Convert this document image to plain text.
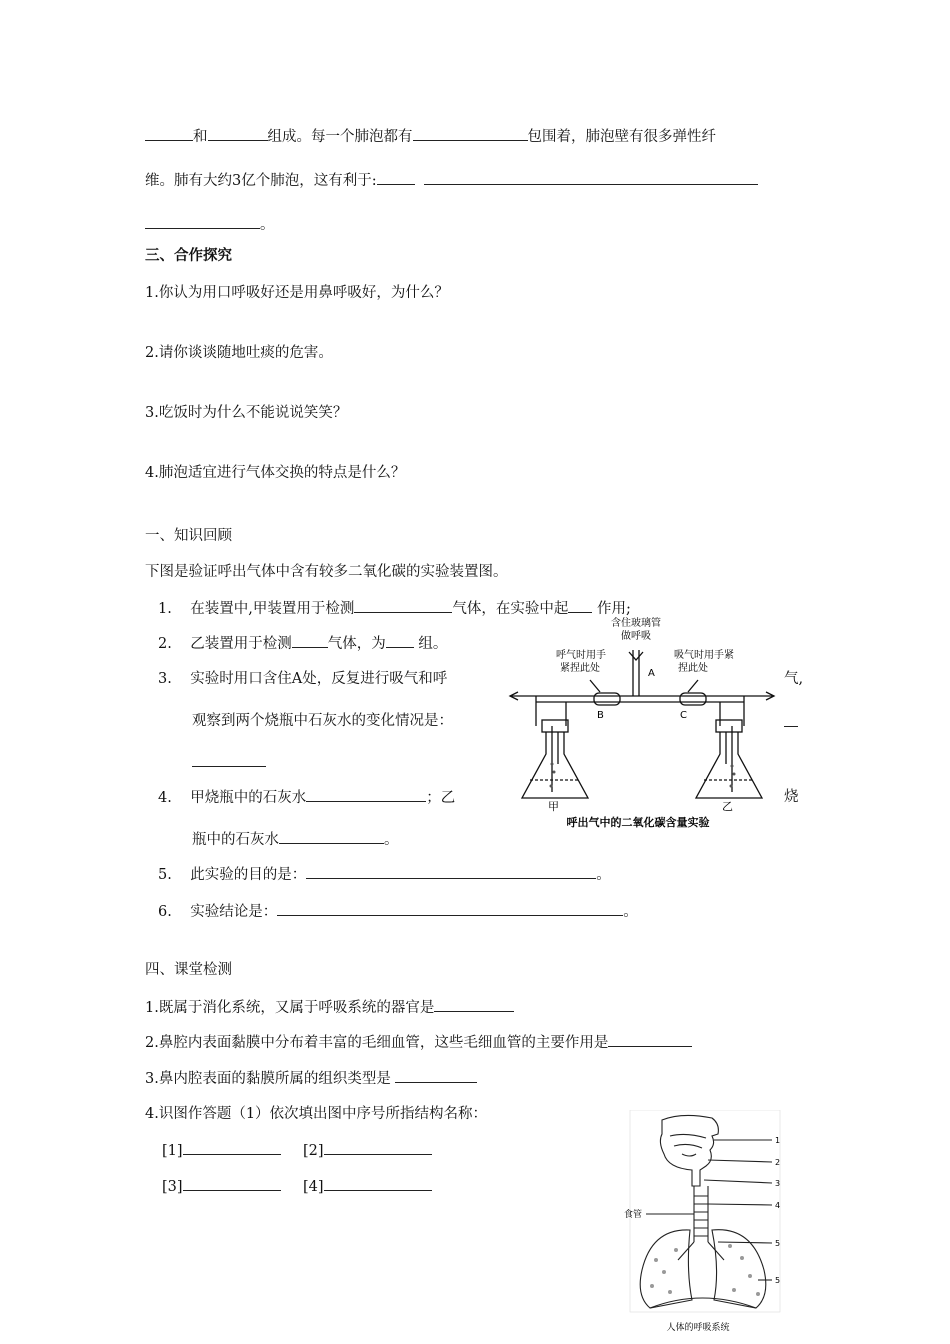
和	组成。每一个肺泡都有	包围着，肺泡壁有很多弹性纤
维。肺有大约3亿个肺泡，这有利于:
。
三、合作探究
1.你认为用口呼吸好还是用鼻呼吸好，为什么？
2.请你谈谈随地吐痰的危害。
3.吃饭时为什么不能说说笑笑？
4.肺泡适宜进行气体交换的特点是什么？
一、知识回顾
下图是验证呼出气体中含有较多二氧化碳的实验装置图。
1. 在装置中,甲装置用于检测	气体，在实验中起 作用;
2. 乙装置用于检测 气体，为 组。
3. 实验时用口含住A处，反复进行吸气和呼	气,
观察到两个烧瓶中石灰水的变化情况是：
4. 甲烧瓶中的石灰水	；乙	烧
瓶中的石灰水	。
5. 此实验的目的是：	。
6. 实验结论是：	。
含住玻璃管
做呼吸
呼气时用手
紧捏此处
吸气时用手紧
捏此处
A
B	C
甲	乙
呼出气中的二氧化碳含量实验
四、课堂检测
1.既属于消化系统，又属于呼吸系统的器官是
2.鼻腔内表面黏膜中分布着丰富的毛细血管，这些毛细血管的主要作用是
3.鼻内腔表面的黏膜所属的组织类型是
4.识图作答题（1）依次填出图中序号所指结构名称：
[1]	[2]
[3]	[4]
食管
1
2
3
4
5
5
人体的呼吸系统
